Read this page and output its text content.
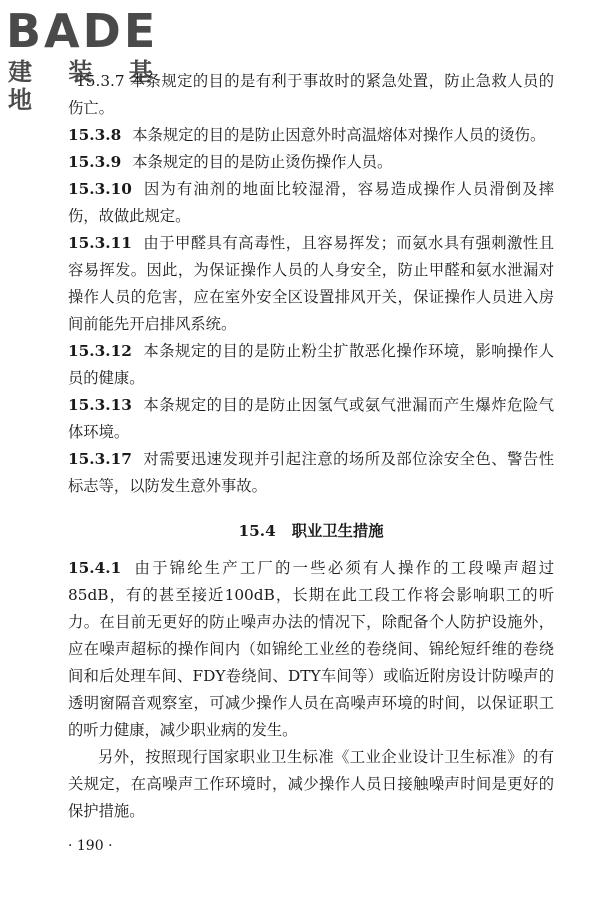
BADE
建 装 基 地

15.3.7 本条规定的目的是有利于事故时的紧急处置，防止急救人员的伤亡。

15.3.8 本条规定的目的是防止因意外时高温熔体对操作人员的烫伤。

15.3.9 本条规定的目的是防止烫伤操作人员。

15.3.10 因为有油剂的地面比较湿滑，容易造成操作人员滑倒及摔伤，故做此规定。

15.3.11 由于甲醛具有高毒性，且容易挥发；而氨水具有强刺激性且容易挥发。因此，为保证操作人员的人身安全，防止甲醛和氨水泄漏对操作人员的危害，应在室外安全区设置排风开关，保证操作人员进入房间前能先开启排风系统。

15.3.12 本条规定的目的是防止粉尘扩散恶化操作环境，影响操作人员的健康。

15.3.13 本条规定的目的是防止因氢气或氨气泄漏而产生爆炸危险气体环境。

15.3.17 对需要迅速发现并引起注意的场所及部位涂安全色、警告性标志等，以防发生意外事故。

15.4 职业卫生措施

15.4.1 由于锦纶生产工厂的一些必须有人操作的工段噪声超过85dB，有的甚至接近100dB，长期在此工段工作将会影响职工的听力。在目前无更好的防止噪声办法的情况下，除配备个人防护设施外，应在噪声超标的操作间内（如锦纶工业丝的卷绕间、锦纶短纤维的卷绕间和后处理车间、FDY卷绕间、DTY车间等）或临近附房设计防噪声的透明窗隔音观察室，可减少操作人员在高噪声环境的时间，以保证职工的听力健康，减少职业病的发生。

另外，按照现行国家职业卫生标准《工业企业设计卫生标准》的有关规定，在高噪声工作环境时，减少操作人员日接触噪声时间是更好的保护措施。

· 190 ·
